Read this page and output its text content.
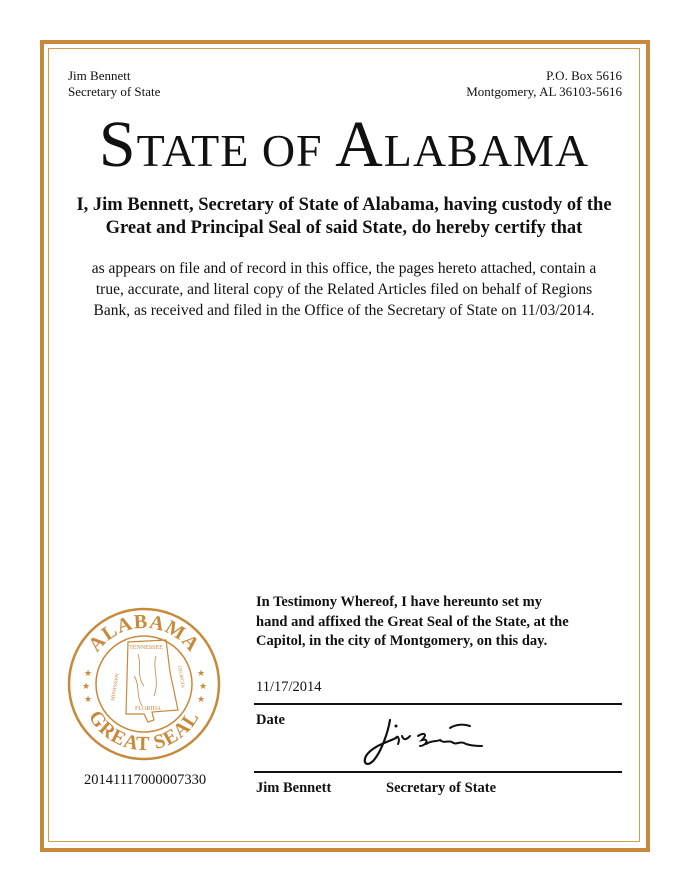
Jim Bennett
Secretary of State
P.O. Box 5616
Montgomery, AL 36103-5616
STATE OF ALABAMA
I, Jim Bennett, Secretary of State of Alabama, having custody of the
Great and Principal Seal of said State, do hereby certify that
as appears on file and of record in this office, the pages hereto attached, contain a
true, accurate, and literal copy of the Related Articles filed on behalf of Regions
Bank, as received and filed in the Office of the Secretary of State on 11/03/2014.
In Testimony Whereof, I have hereunto set my
hand and affixed the Great Seal of the State, at the
Capitol, in the city of Montgomery, on this day.
11/17/2014
Date
Jim Bennett	Secretary of State
ALABAMA
GREAT SEAL
TENNESSEE
FLORIDA
MISSISSIPPI	GEORGIA
★
★
★
★
★
★
20141117000007330
